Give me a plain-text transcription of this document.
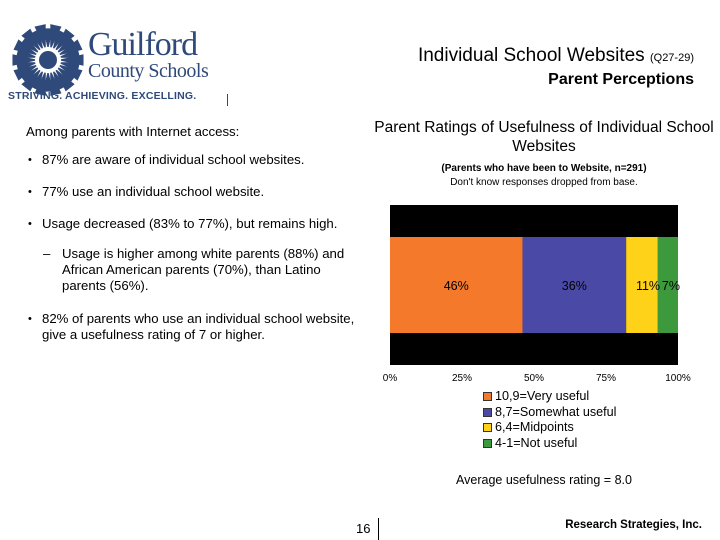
Guilford
County Schools
STRIVING. ACHIEVING. EXCELLING.
Individual School Websites (Q27-29)
Parent Perceptions
Among parents with Internet access:
• 87% are aware of individual school websites.
• 77% use an individual school website.
• Usage decreased (83% to 77%), but remains high.
– Usage is higher among white parents (88%) and African American parents (70%), than Latino parents (56%).
• 82% of parents who use an individual school website, give a usefulness rating of 7 or higher.
Parent Ratings of Usefulness of Individual School Websites
(Parents who have been to Website, n=291)
Don't know responses dropped from base.
46%	36%	11% 7%
0%	25%	50%	75%	100%
10,9=Very useful
8,7=Somewhat useful
6,4=Midpoints
4-1=Not useful
Average usefulness rating = 8.0
16	Research Strategies, Inc.
